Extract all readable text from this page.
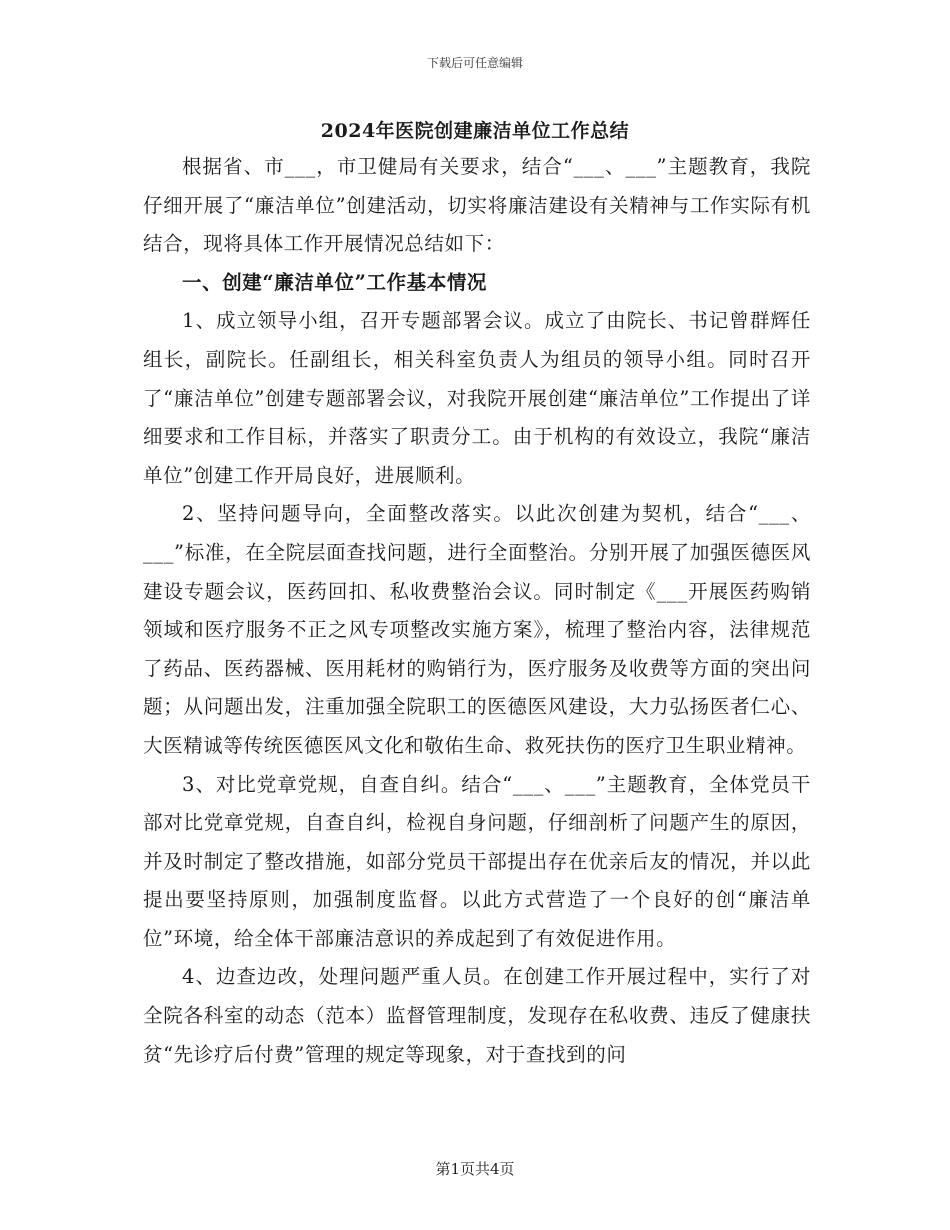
下载后可任意编辑
2024年医院创建廉洁单位工作总结

根据省、市___，市卫健局有关要求，结合“___、___”主题教育，我院仔细开展了“廉洁单位”创建活动，切实将廉洁建设有关精神与工作实际有机结合，现将具体工作开展情况总结如下：

一、创建“廉洁单位”工作基本情况

1、成立领导小组，召开专题部署会议。成立了由院长、书记曾群辉任组长，副院长。任副组长，相关科室负责人为组员的领导小组。同时召开了“廉洁单位”创建专题部署会议，对我院开展创建“廉洁单位”工作提出了详细要求和工作目标，并落实了职责分工。由于机构的有效设立，我院“廉洁单位”创建工作开局良好，进展顺利。

2、坚持问题导向，全面整改落实。以此次创建为契机，结合“___、___”标准，在全院层面查找问题，进行全面整治。分别开展了加强医德医风建设专题会议，医药回扣、私收费整治会议。同时制定《___开展医药购销领域和医疗服务不正之风专项整改实施方案》，梳理了整治内容，法律规范了药品、医药器械、医用耗材的购销行为，医疗服务及收费等方面的突出问题；从问题出发，注重加强全院职工的医德医风建设，大力弘扬医者仁心、大医精诚等传统医德医风文化和敬佑生命、救死扶伤的医疗卫生职业精神。

3、对比党章党规，自查自纠。结合“___、___”主题教育，全体党员干部对比党章党规，自查自纠，检视自身问题，仔细剖析了问题产生的原因，并及时制定了整改措施，如部分党员干部提出存在优亲后友的情况，并以此提出要坚持原则，加强制度监督。以此方式营造了一个良好的创“廉洁单位”环境，给全体干部廉洁意识的养成起到了有效促进作用。

4、边查边改，处理问题严重人员。在创建工作开展过程中，实行了对全院各科室的动态（范本）监督管理制度，发现存在私收费、违反了健康扶贫“先诊疗后付费”管理的规定等现象，对于查找到的问

第1页共4页
